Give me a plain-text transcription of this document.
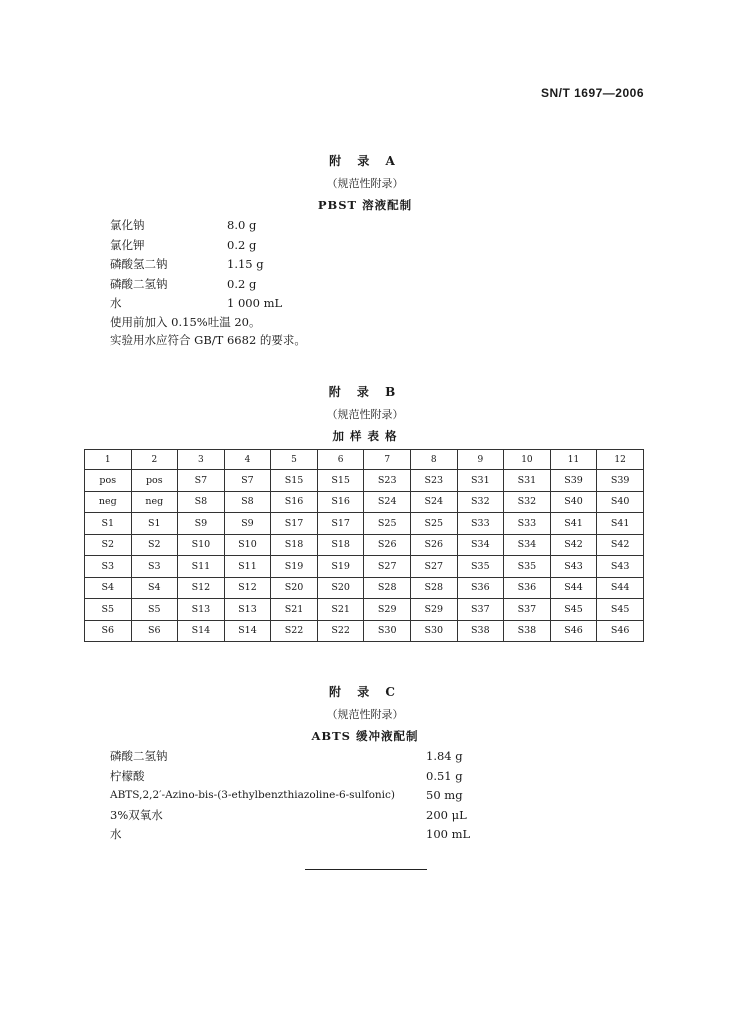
SN/T 1697—2006
附 录 A
（规范性附录）
PBST 溶液配制
氯化钠	8.0 g
氯化钾	0.2 g
磷酸氢二钠	1.15 g
磷酸二氢钠	0.2 g
水	1 000 mL
使用前加入 0.15%吐温 20。
实验用水应符合 GB/T 6682 的要求。
附 录 B
（规范性附录）
加 样 表 格
1	2	3	4	5	6	7	8	9	10	11	12
pos	pos	S7	S7	S15	S15	S23	S23	S31	S31	S39	S39
neg	neg	S8	S8	S16	S16	S24	S24	S32	S32	S40	S40
S1	S1	S9	S9	S17	S17	S25	S25	S33	S33	S41	S41
S2	S2	S10	S10	S18	S18	S26	S26	S34	S34	S42	S42
S3	S3	S11	S11	S19	S19	S27	S27	S35	S35	S43	S43
S4	S4	S12	S12	S20	S20	S28	S28	S36	S36	S44	S44
S5	S5	S13	S13	S21	S21	S29	S29	S37	S37	S45	S45
S6	S6	S14	S14	S22	S22	S30	S30	S38	S38	S46	S46
附 录 C
（规范性附录）
ABTS 缓冲液配制
磷酸二氢钠	1.84 g
柠檬酸	0.51 g
ABTS,2,2′-Azino-bis-(3-ethylbenzthiazoline-6-sulfonic)	50 mg
3%双氧水	200 μL
水	100 mL
